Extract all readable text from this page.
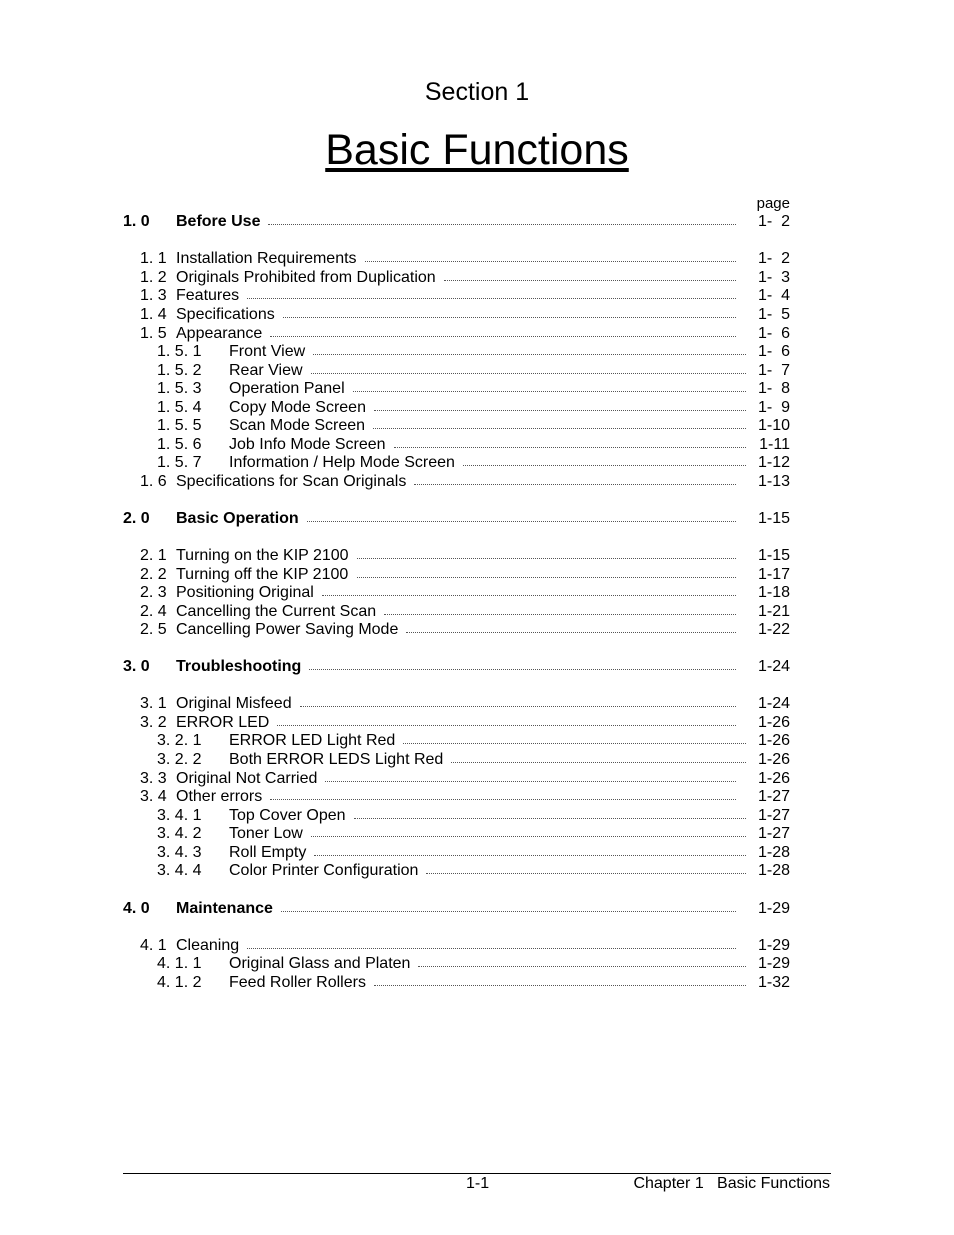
Section 1
Basic Functions
page
1. 0 Before Use	1-  2
1. 1 Installation Requirements	1-  2
1. 2 Originals Prohibited from Duplication	1-  3
1. 3 Features	1-  4
1. 4 Specifications	1-  5
1. 5 Appearance	1-  6
1. 5. 1 Front View	1-  6
1. 5. 2 Rear View	1-  7
1. 5. 3 Operation Panel	1-  8
1. 5. 4 Copy Mode Screen	1-  9
1. 5. 5 Scan Mode Screen	1-10
1. 5. 6 Job Info Mode Screen	1-11
1. 5. 7 Information / Help Mode Screen	1-12
1. 6 Specifications for Scan Originals	1-13
2. 0 Basic Operation	1-15
2. 1 Turning on the KIP 2100	1-15
2. 2 Turning off the KIP 2100	1-17
2. 3 Positioning Original	1-18
2. 4 Cancelling the Current Scan	1-21
2. 5 Cancelling Power Saving Mode	1-22
3. 0 Troubleshooting	1-24
3. 1 Original Misfeed	1-24
3. 2 ERROR LED	1-26
3. 2. 1 ERROR LED Light Red	1-26
3. 2. 2 Both ERROR LEDS Light Red	1-26
3. 3 Original Not Carried	1-26
3. 4 Other errors	1-27
3. 4. 1 Top Cover Open	1-27
3. 4. 2 Toner Low	1-27
3. 4. 3 Roll Empty	1-28
3. 4. 4 Color Printer Configuration	1-28
4. 0 Maintenance	1-29
4. 1 Cleaning	1-29
4. 1. 1 Original Glass and Platen	1-29
4. 1. 2 Feed Roller Rollers	1-32
1-1	Chapter 1   Basic Functions
